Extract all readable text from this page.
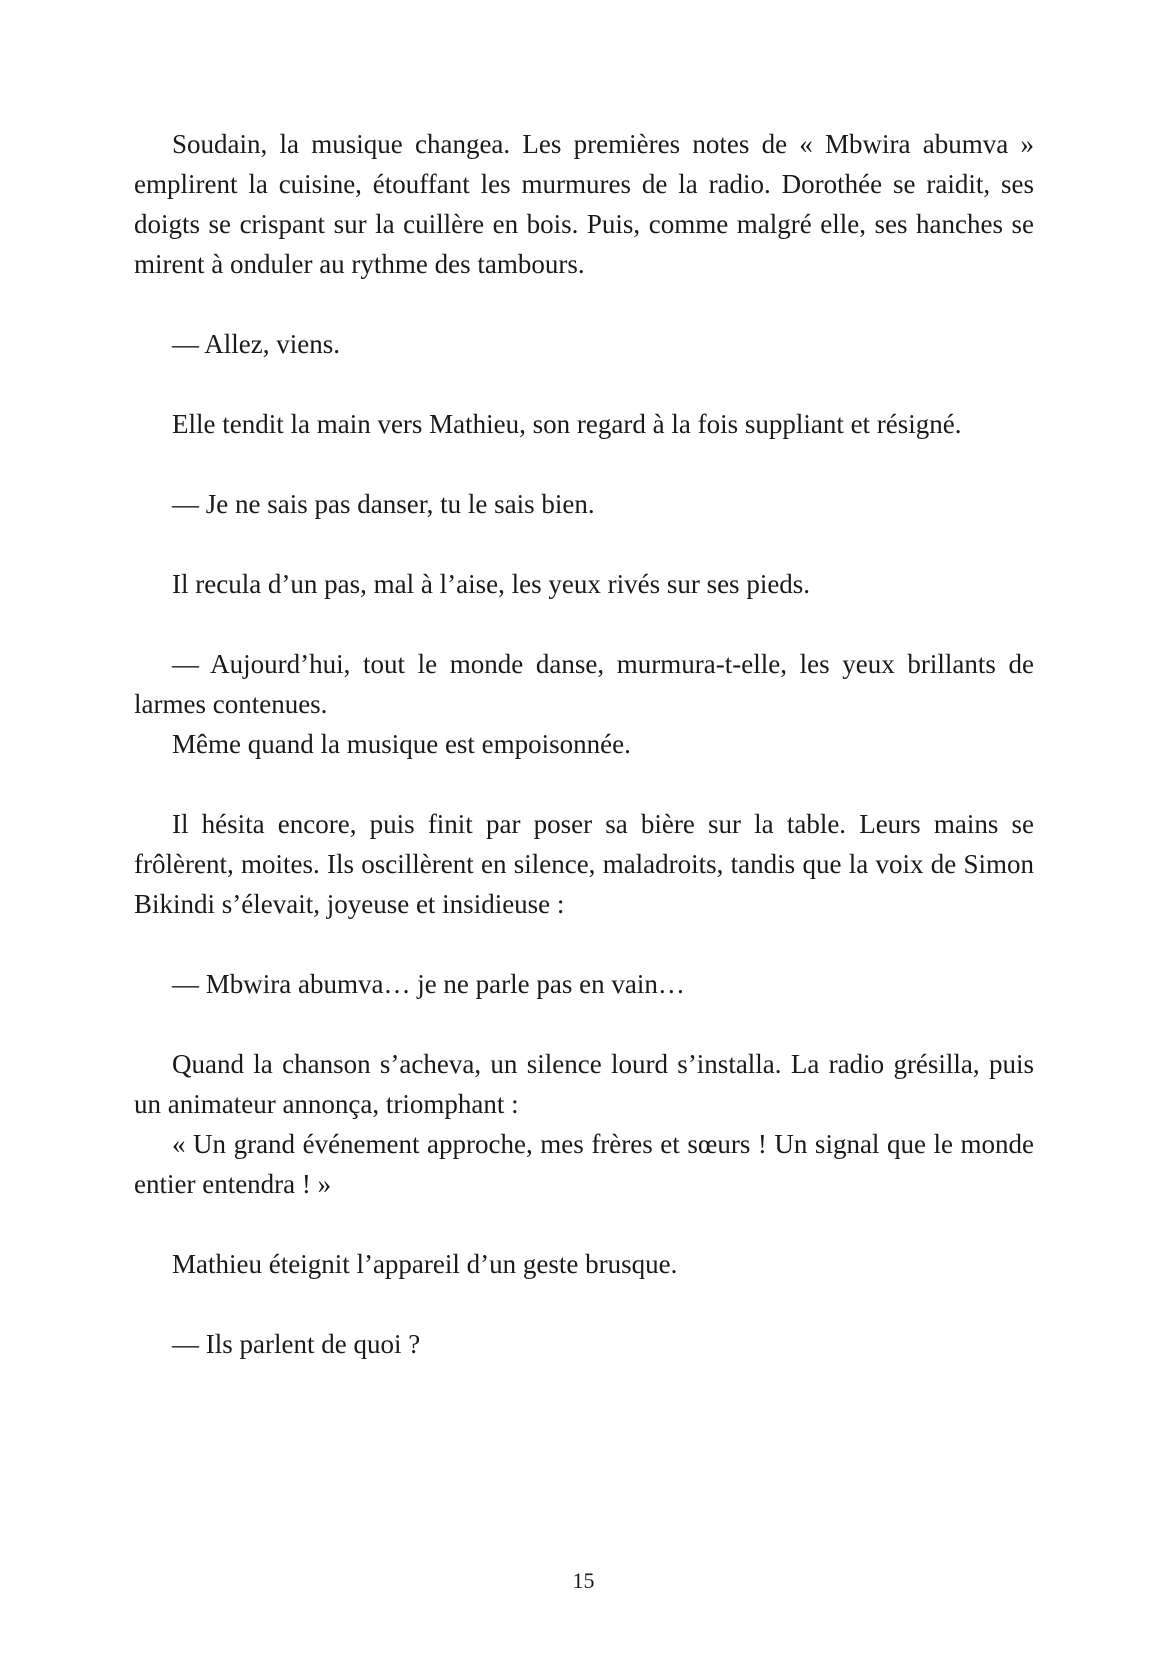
Soudain, la musique changea. Les premières notes de « Mbwira abumva » emplirent la cuisine, étouffant les murmures de la radio. Dorothée se raidit, ses doigts se crispant sur la cuillère en bois. Puis, comme malgré elle, ses hanches se mirent à onduler au rythme des tambours.

— Allez, viens.

Elle tendit la main vers Mathieu, son regard à la fois suppliant et résigné.

— Je ne sais pas danser, tu le sais bien.

Il recula d’un pas, mal à l’aise, les yeux rivés sur ses pieds.

— Aujourd’hui, tout le monde danse, murmura-t-elle, les yeux brillants de larmes contenues.

Même quand la musique est empoisonnée.

Il hésita encore, puis finit par poser sa bière sur la table. Leurs mains se frôlèrent, moites. Ils oscillèrent en silence, maladroits, tandis que la voix de Simon Bikindi s’élevait, joyeuse et insidieuse :

— Mbwira abumva… je ne parle pas en vain…

Quand la chanson s’acheva, un silence lourd s’installa. La radio grésilla, puis un animateur annonça, triomphant :

« Un grand événement approche, mes frères et sœurs ! Un signal que le monde entier entendra ! »

Mathieu éteignit l’appareil d’un geste brusque.

— Ils parlent de quoi ?

15
